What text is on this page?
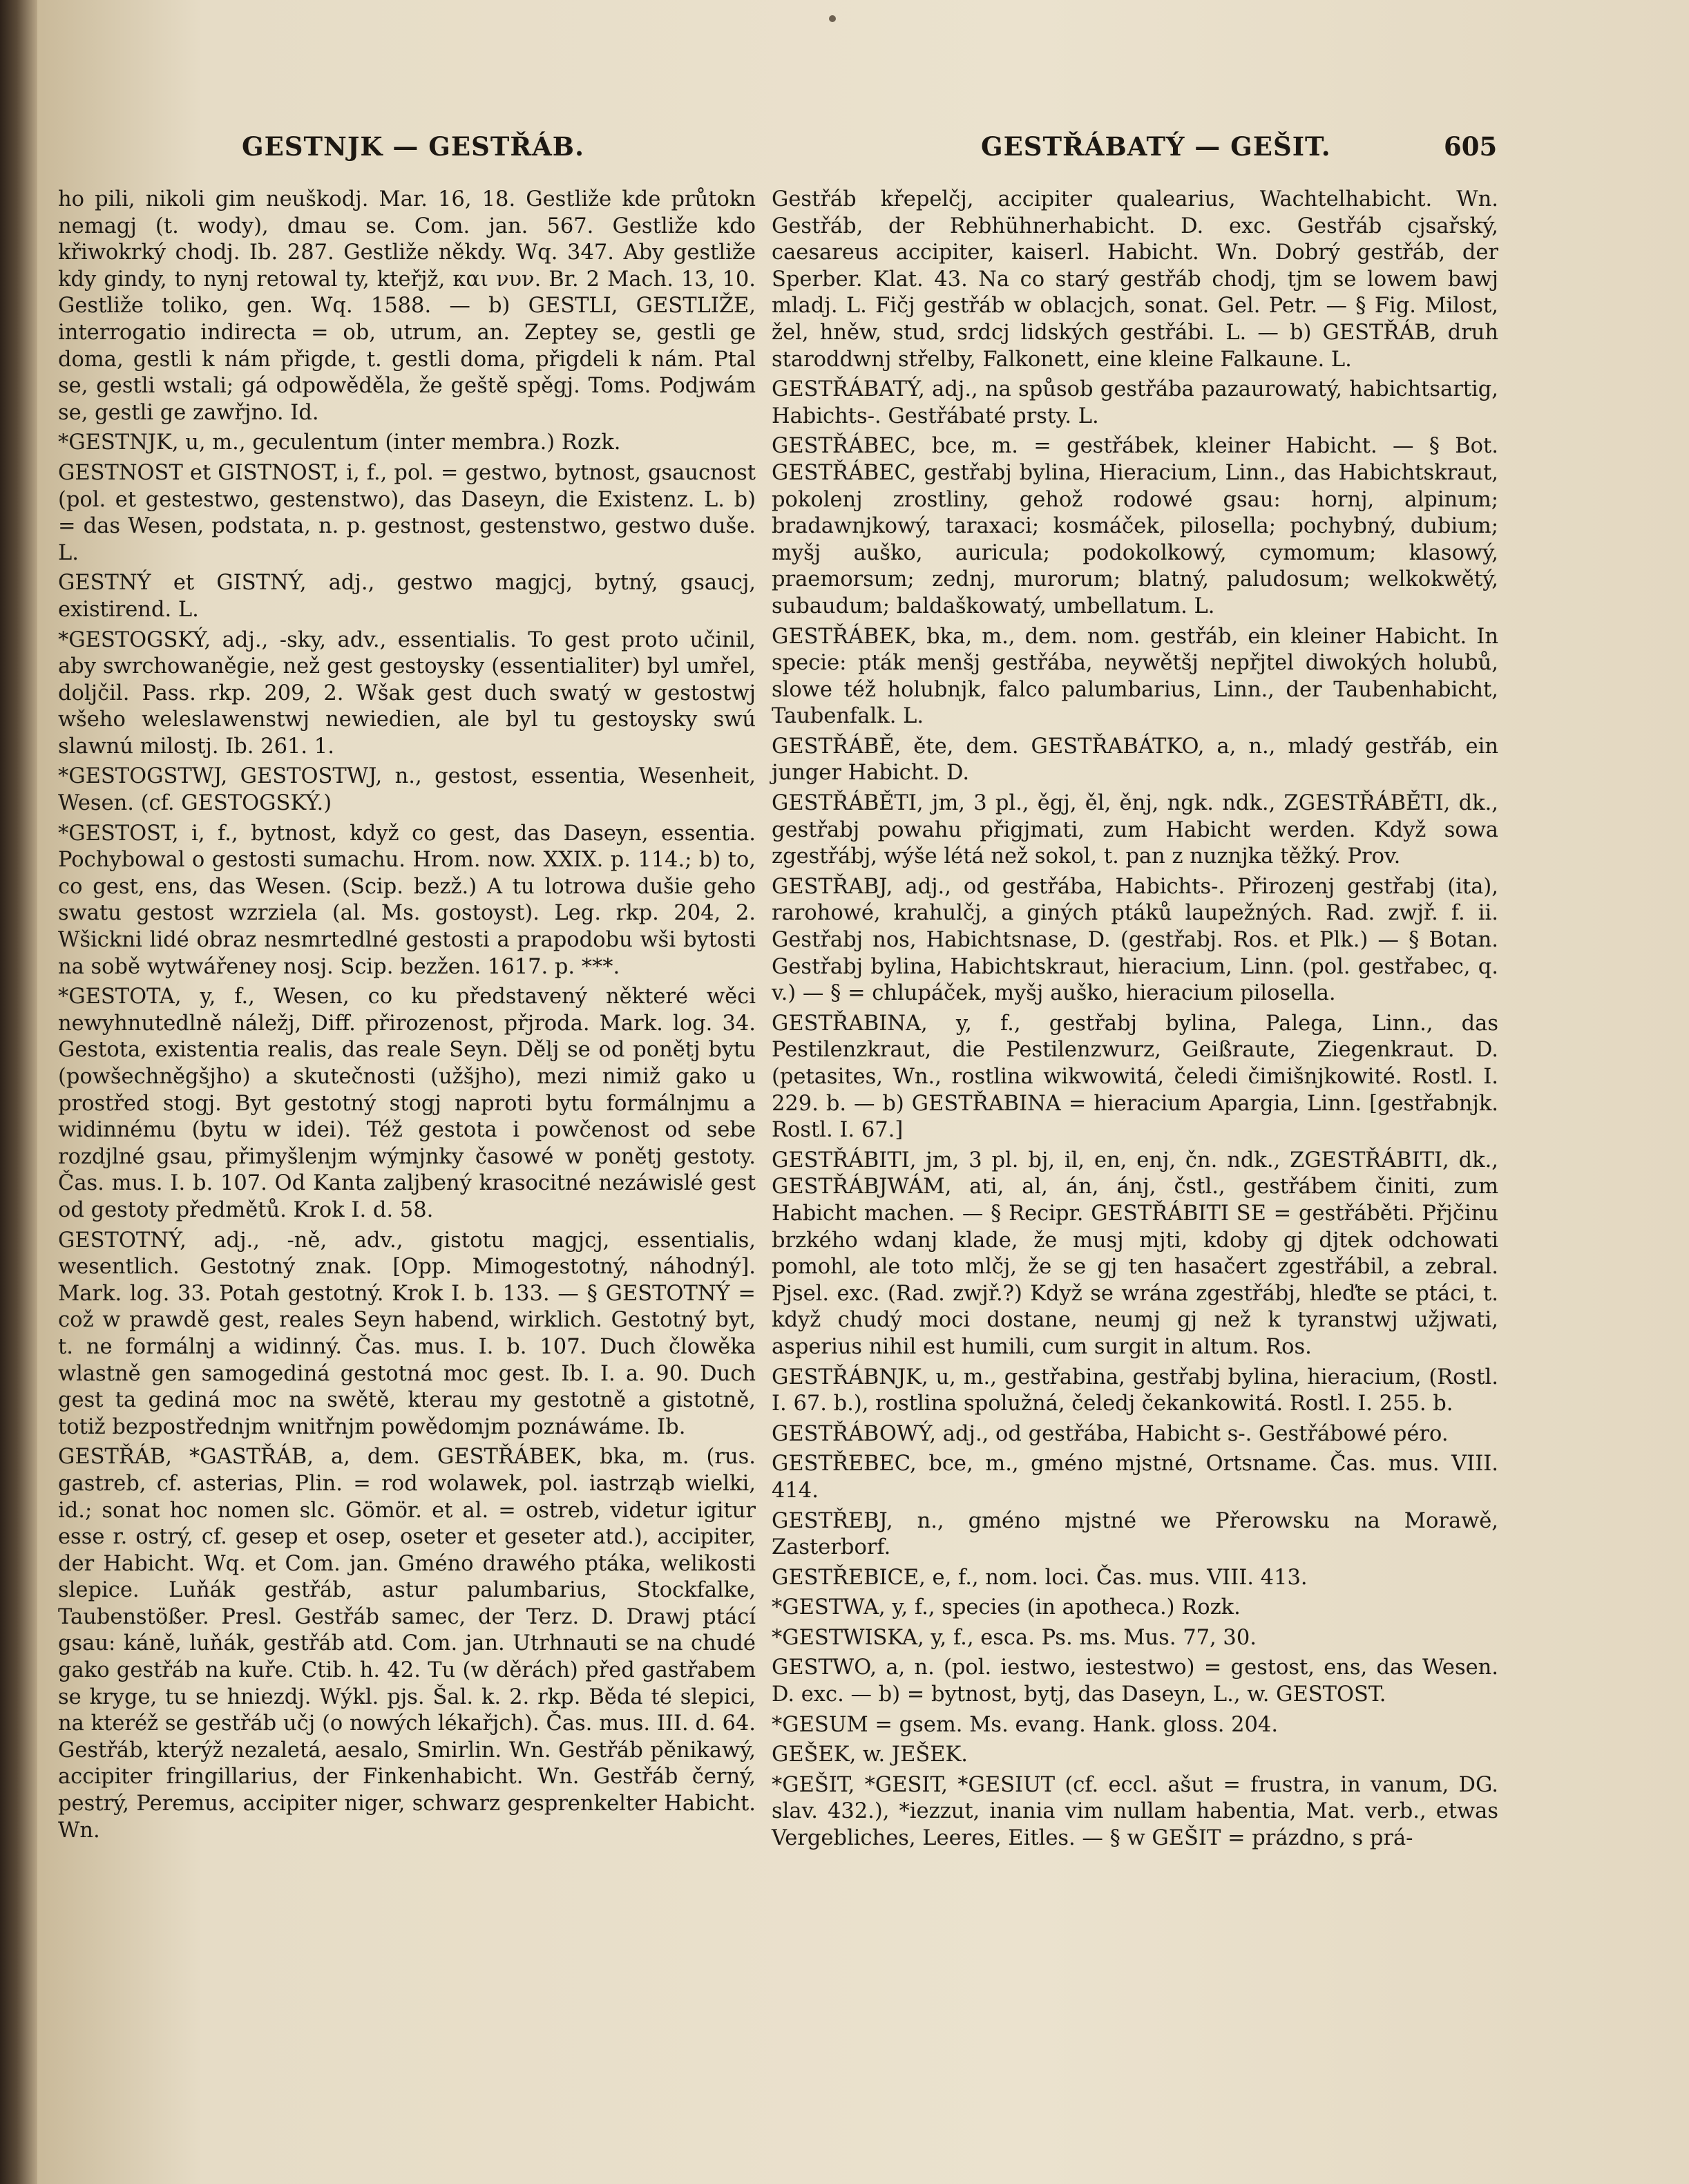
GESTNJK — GESTŘÁB.	GESTŘÁBATÝ — GEŠIT.	605

ho pili, nikoli gim neuškodj. Mar. 16, 18. Gestliže kde průtokn nemagj (t. wody), dmau se. Com. jan. 567. Gestliže kdo křiwokrký chodj. Ib. 287. Gestliže někdy. Wq. 347. Aby gestliže kdy gindy, to nynj retowal ty, kteřjž, και νυν. Br. 2 Mach. 13, 10. Gestliže toliko, gen. Wq. 1588. — b) GESTLI, GESTLIŽE, interrogatio indirecta = ob, utrum, an. Zeptey se, gestli ge doma, gestli k nám přigde, t. gestli doma, přigdeli k nám. Ptal se, gestli wstali; gá odpowěděla, že geště spěgj. Toms. Podjwám se, gestli ge zawřjno. Id.

*GESTNJK, u, m., geculentum (inter membra.) Rozk.

GESTNOST et GISTNOST, i, f., pol. = gestwo, bytnost, gsaucnost (pol. et gestestwo, gestenstwo), das Daseyn, die Existenz. L. b) = das Wesen, podstata, n. p. gestnost, gestenstwo, gestwo duše. L.

GESTNÝ et GISTNÝ, adj., gestwo magjcj, bytný, gsaucj, existirend. L.

*GESTOGSKÝ, adj., -sky, adv., essentialis. To gest proto učinil, aby swrchowaněgie, než gest gestoysky (essentialiter) byl umřel, doljčil. Pass. rkp. 209, 2. Wšak gest duch swatý w gestostwj wšeho weleslawenstwj newiedien, ale byl tu gestoysky swú slawnú milostj. Ib. 261. 1.

*GESTOGSTWJ, GESTOSTWJ, n., gestost, essentia, Wesenheit, Wesen. (cf. GESTOGSKÝ.)

*GESTOST, i, f., bytnost, když co gest, das Daseyn, essentia. Pochybowal o gestosti sumachu. Hrom. now. XXIX. p. 114.; b) to, co gest, ens, das Wesen. (Scip. bezž.) A tu lotrowa dušie geho swatu gestost wzrziela (al. Ms. gostoyst). Leg. rkp. 204, 2. Wšickni lidé obraz nesmrtedlné gestosti a prapodobu wši bytosti na sobě wytwářeney nosj. Scip. bezžen. 1617. p. ***.

*GESTOTA, y, f., Wesen, co ku představený některé wěci newyhnutedlně náležj, Diff. přirozenost, přjroda. Mark. log. 34. Gestota, existentia realis, das reale Seyn. Dělj se od ponětj bytu (powšechněgšjho) a skutečnosti (užšjho), mezi nimiž gako u prostřed stogj. Byt gestotný stogj naproti bytu formálnjmu a widinnému (bytu w idei). Též gestota i powčenost od sebe rozdjlné gsau, přimyšlenjm wýmjnky časowé w ponětj gestoty. Čas. mus. I. b. 107. Od Kanta zaljbený krasocitné nezáwislé gest od gestoty předmětů. Krok I. d. 58.

GESTOTNÝ, adj., -ně, adv., gistotu magjcj, essentialis, wesentlich. Gestotný znak. [Opp. Mimogestotný, náhodný]. Mark. log. 33. Potah gestotný. Krok I. b. 133. — § GESTOTNÝ = což w prawdě gest, reales Seyn habend, wirklich. Gestotný byt, t. ne formálnj a widinný. Čas. mus. I. b. 107. Duch člowěka wlastně gen samogediná gestotná moc gest. Ib. I. a. 90. Duch gest ta gediná moc na swětě, kterau my gestotně a gistotně, totiž bezpostřednjm wnitřnjm powědomjm poznáwáme. Ib.

GESTŘÁB, *GASTŘÁB, a, dem. GESTŘÁBEK, bka, m. (rus. gastreb, cf. asterias, Plin. = rod wolawek, pol. iastrząb wielki, id.; sonat hoc nomen slc. Gömör. et al. = ostreb, videtur igitur esse r. ostrý, cf. gesep et osep, oseter et geseter atd.), accipiter, der Habicht. Wq. et Com. jan. Gméno drawého ptáka, welikosti slepice. Luňák gestřáb, astur palumbarius, Stockfalke, Taubenstößer. Presl. Gestřáb samec, der Terz. D. Drawj ptácí gsau: káně, luňák, gestřáb atd. Com. jan. Utrhnauti se na chudé gako gestřáb na kuře. Ctib. h. 42. Tu (w děrách) před gastřabem se kryge, tu se hniezdj. Wýkl. pjs. Šal. k. 2. rkp. Běda té slepici, na kteréž se gestřáb učj (o nowých lékařjch). Čas. mus. III. d. 64. Gestřáb, kterýž nezaletá, aesalo, Smirlin. Wn. Gestřáb pěnikawý, accipiter fringillarius, der Finkenhabicht. Wn. Gestřáb černý, pestrý, Peremus, accipiter niger, schwarz gesprenkelter Habicht. Wn.

Gestřáb křepelčj, accipiter qualearius, Wachtelhabicht. Wn. Gestřáb, der Rebhühnerhabicht. D. exc. Gestřáb cjsařský, caesareus accipiter, kaiserl. Habicht. Wn. Dobrý gestřáb, der Sperber. Klat. 43. Na co starý gestřáb chodj, tjm se lowem bawj mladj. L. Fičj gestřáb w oblacjch, sonat. Gel. Petr. — § Fig. Milost, žel, hněw, stud, srdcj lidských gestřábi. L. — b) GESTŘÁB, druh staroddwnj střelby, Falkonett, eine kleine Falkaune. L.

GESTŘÁBATÝ, adj., na spůsob gestřába pazaurowatý, habichtsartig, Habichts-. Gestřábaté prsty. L.

GESTŘÁBEC, bce, m. = gestřábek, kleiner Habicht. — § Bot. GESTŘÁBEC, gestřabj bylina, Hieracium, Linn., das Habichtskraut, pokolenj zrostliny, gehož rodowé gsau: hornj, alpinum; bradawnjkowý, taraxaci; kosmáček, pilosella; pochybný, dubium; myšj auško, auricula; podokolkowý, cymomum; klasowý, praemorsum; zednj, murorum; blatný, paludosum; welkokwětý, subaudum; baldaškowatý, umbellatum. L.

GESTŘÁBEK, bka, m., dem. nom. gestřáb, ein kleiner Habicht. In specie: pták menšj gestřába, neywětšj nepřjtel diwokých holubů, slowe též holubnjk, falco palumbarius, Linn., der Taubenhabicht, Taubenfalk. L.

GESTŘÁBĚ, ěte, dem. GESTŘABÁTKO, a, n., mladý gestřáb, ein junger Habicht. D.

GESTŘÁBĚTI, jm, 3 pl., ěgj, ěl, ěnj, ngk. ndk., ZGESTŘÁBĚTI, dk., gestřabj powahu přigjmati, zum Habicht werden. Když sowa zgestřábj, wýše létá než sokol, t. pan z nuznjka těžký. Prov.

GESTŘABJ, adj., od gestřába, Habichts-. Přirozenj gestřabj (ita), rarohowé, krahulčj, a giných ptáků laupežných. Rad. zwjř. f. ii. Gestřabj nos, Habichtsnase, D. (gestřabj. Ros. et Plk.) — § Botan. Gestřabj bylina, Habichtskraut, hieracium, Linn. (pol. gestřabec, q. v.) — § = chlupáček, myšj auško, hieracium pilosella.

GESTŘABINA, y, f., gestřabj bylina, Palega, Linn., das Pestilenzkraut, die Pestilenzwurz, Geißraute, Ziegenkraut. D. (petasites, Wn., rostlina wikwowitá, čeledi čimišnjkowité. Rostl. I. 229. b. — b) GESTŘABINA = hieracium Apargia, Linn. [gestřabnjk. Rostl. I. 67.]

GESTŘÁBITI, jm, 3 pl. bj, il, en, enj, čn. ndk., ZGESTŘÁBITI, dk., GESTŘÁBJWÁM, ati, al, án, ánj, čstl., gestřábem činiti, zum Habicht machen. — § Recipr. GESTŘÁBITI SE = gestřáběti. Přjčinu brzkého wdanj klade, že musj mjti, kdoby gj djtek odchowati pomohl, ale toto mlčj, že se gj ten hasačert zgestřábil, a zebral. Pjsel. exc. (Rad. zwjř.?) Když se wrána zgestřábj, hleďte se ptáci, t. když chudý moci dostane, neumj gj než k tyranstwj užjwati, asperius nihil est humili, cum surgit in altum. Ros.

GESTŘÁBNJK, u, m., gestřabina, gestřabj bylina, hieracium, (Rostl. I. 67. b.), rostlina spolužná, čeledj čekankowitá. Rostl. I. 255. b.

GESTŘÁBOWÝ, adj., od gestřába, Habicht s-. Gestřábowé péro.

GESTŘEBEC, bce, m., gméno mjstné, Ortsname. Čas. mus. VIII. 414.

GESTŘEBJ, n., gméno mjstné we Přerowsku na Morawě, Zasterborf.

GESTŘEBICE, e, f., nom. loci. Čas. mus. VIII. 413.

*GESTWA, y, f., species (in apotheca.) Rozk.

*GESTWISKA, y, f., esca. Ps. ms. Mus. 77, 30.

GESTWO, a, n. (pol. iestwo, iestestwo) = gestost, ens, das Wesen. D. exc. — b) = bytnost, bytj, das Daseyn, L., w. GESTOST.

*GESUM = gsem. Ms. evang. Hank. gloss. 204.

GEŠEK, w. JEŠEK.

*GEŠIT, *GESIT, *GESIUT (cf. eccl. ašut = frustra, in vanum, DG. slav. 432.), *iezzut, inania vim nullam habentia, Mat. verb., etwas Vergebliches, Leeres, Eitles. — § w GEŠIT = prázdno, s prá-
